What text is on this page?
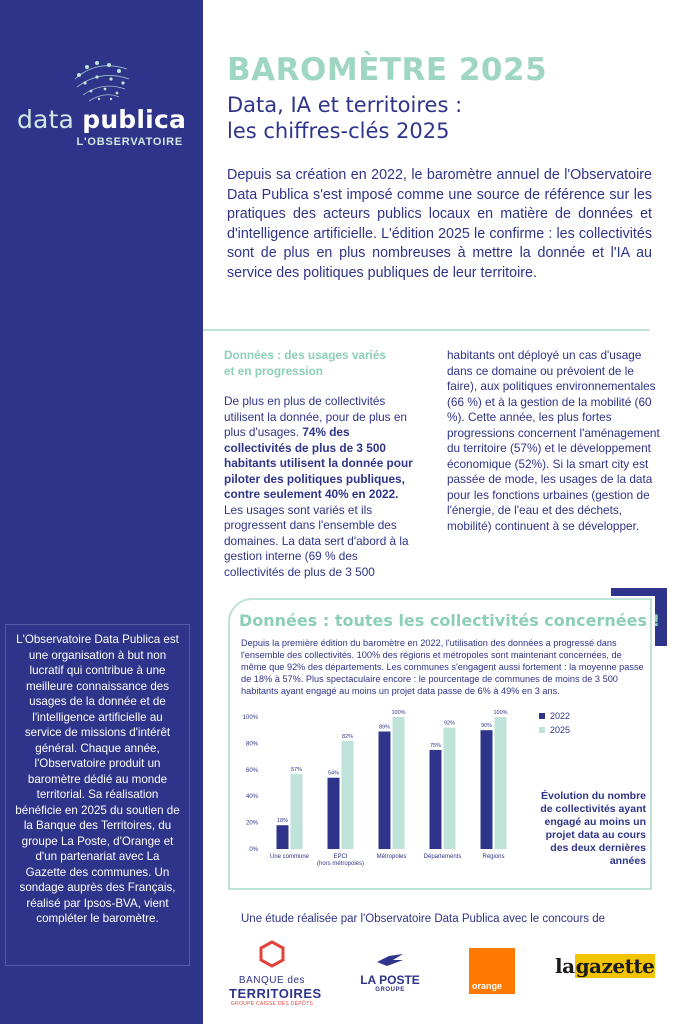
data publica
L'OBSERVATOIRE
L'Observatoire Data Publica est une organisation à but non lucratif qui contribue à une meilleure connaissance des usages de la donnée et de l'intelligence artificielle au service de missions d'intérêt général. Chaque année, l'Observatoire produit un baromètre dédié au monde territorial. Sa réalisation bénéficie en 2025 du soutien de la Banque des Territoires, du groupe La Poste, d'Orange et d'un partenariat avec La Gazette des communes. Un sondage auprès des Français, réalisé par Ipsos-BVA, vient compléter le baromètre.
BAROMÈTRE 2025
Data, IA et territoires :
les chiffres-clés 2025
Depuis sa création en 2022, le baromètre annuel de l'Observatoire Data Publica s'est imposé comme une source de référence sur les pratiques des acteurs publics locaux en matière de données et d'intelligence artificielle. L'édition 2025 le confirme : les collectivités sont de plus en plus nombreuses à mettre la donnée et l'IA au service des politiques publiques de leur territoire.
Données : des usages variés
et en progression
De plus en plus de collectivités utilisent la donnée, pour de plus en plus d'usages. 74% des collectivités de plus de 3 500 habitants utilisent la donnée pour piloter des politiques publiques, contre seulement 40% en 2022. Les usages sont variés et ils progressent dans l'ensemble des domaines. La data sert d'abord à la gestion interne (69 % des collectivités de plus de 3 500
habitants ont déployé un cas d'usage dans ce domaine ou prévoient de le faire), aux politiques environnementales (66 %) et à la gestion de la mobilité (60 %). Cette année, les plus fortes progressions concernent l'aménagement du territoire (57%) et le développement économique (52%). Si la smart city est passée de mode, les usages de la data pour les fonctions urbaines (gestion de l'énergie, de l'eau et des déchets, mobilité) continuent à se développer.
Données : toutes les collectivités concernées !
Depuis la première édition du baromètre en 2022, l'utilisation des données a progressé dans l'ensemble des collectivités. 100% des régions et métropoles sont maintenant concernées, de même que 92% des départements. Les communes s'engagent aussi fortement : la moyenne passe de 18% à 57%. Plus spectaculaire encore : le pourcentage de communes de moins de 3 500 habitants ayant engagé au moins un projet data passe de 6% à 49% en 3 ans.
0%
20%
40%
60%
80%
100%
18%
57%
Une commune
54%
82%
EPCI
(hors métropoles)
89%
100%
Métropoles
75%
92%
Départements
90%
100%
Régions
Évolution du nombre de collectivités ayant engagé au moins un projet data au cours des deux dernières années
Une étude réalisée par l'Observatoire Data Publica avec le concours de
BANQUE des
TERRITOIRES
GROUPE CAISSE DES DÉPÔTS
LA POSTE
GROUPE	orange
lagazette
2022
2025
